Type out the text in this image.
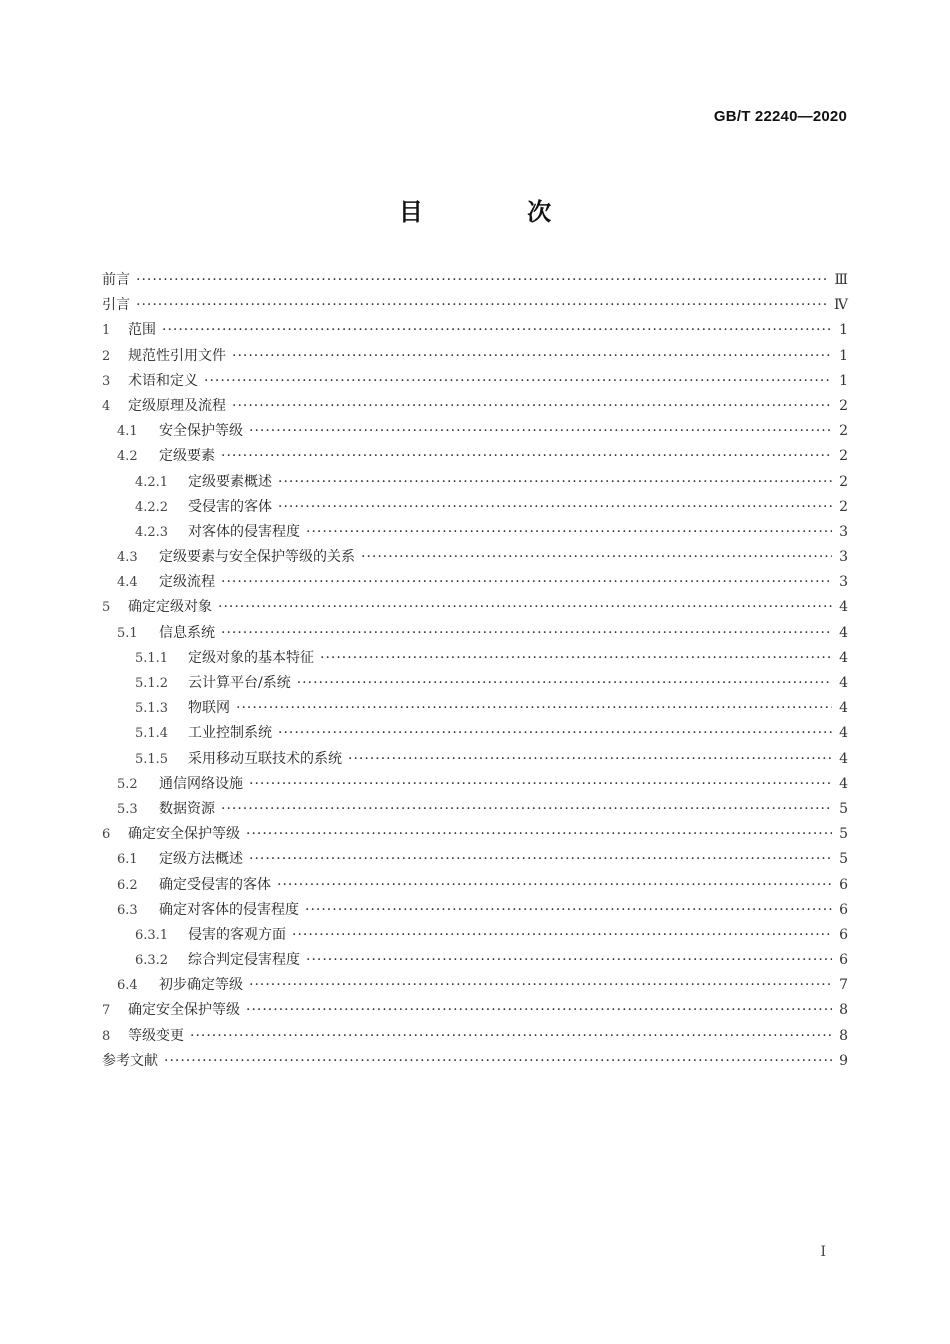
GB/T 22240—2020
目 次
前言 ·····	Ⅲ
引言 ·····	Ⅳ
1	范围 ·····	1
2	规范性引用文件 ·····	1
3	术语和定义 ·····	1
4	定级原理及流程 ·····	2
4.1	安全保护等级 ·····	2
4.2	定级要素 ·····	2
4.2.1	定级要素概述 ·····	2
4.2.2	受侵害的客体 ·····	2
4.2.3	对客体的侵害程度 ·····	3
4.3	定级要素与安全保护等级的关系 ·····	3
4.4	定级流程 ·····	3
5	确定定级对象 ·····	4
5.1	信息系统 ·····	4
5.1.1	定级对象的基本特征 ·····	4
5.1.2	云计算平台/系统 ·····	4
5.1.3	物联网 ·····	4
5.1.4	工业控制系统 ·····	4
5.1.5	采用移动互联技术的系统 ·····	4
5.2	通信网络设施 ·····	4
5.3	数据资源 ·····	5
6	确定安全保护等级 ·····	5
6.1	定级方法概述 ·····	5
6.2	确定受侵害的客体 ·····	6
6.3	确定对客体的侵害程度 ·····	6
6.3.1	侵害的客观方面 ·····	6
6.3.2	综合判定侵害程度 ·····	6
6.4	初步确定等级 ·····	7
7	确定安全保护等级 ·····	8
8	等级变更 ·····	8
参考文献 ·····	9
I
